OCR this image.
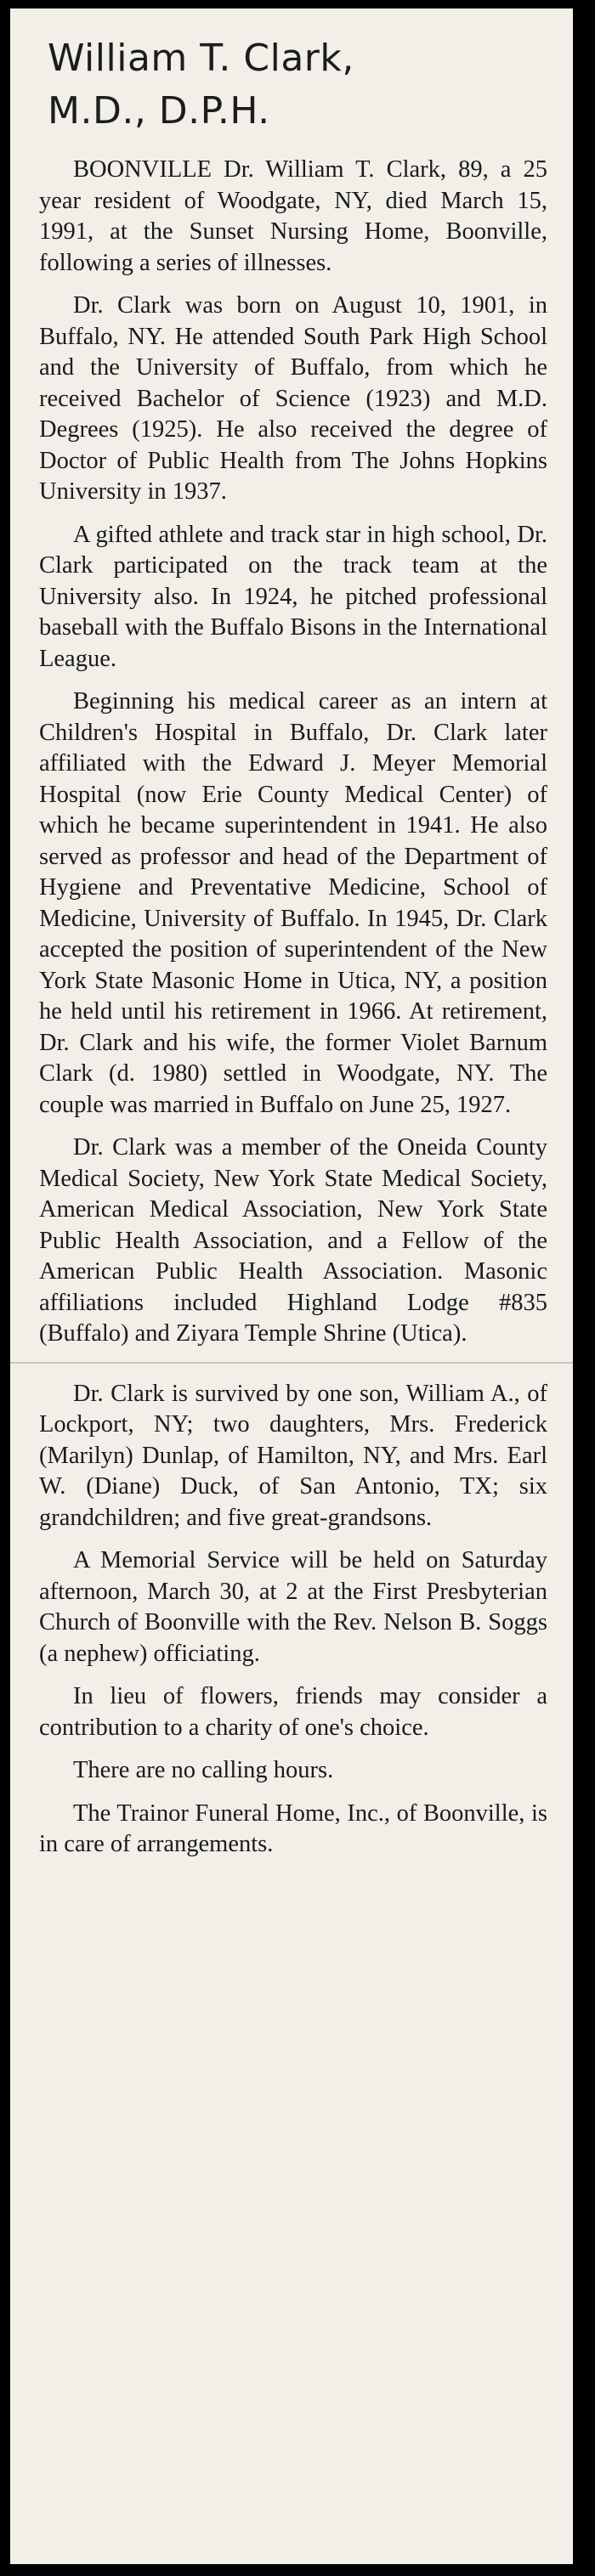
William T. Clark,
M.D., D.P.H.

BOONVILLE Dr. William T. Clark, 89, a 25 year resident of Woodgate, NY, died March 15, 1991, at the Sunset Nursing Home, Boonville, following a series of illnesses.

Dr. Clark was born on August 10, 1901, in Buffalo, NY. He attended South Park High School and the University of Buffalo, from which he received Bachelor of Science (1923) and M.D. Degrees (1925). He also received the degree of Doctor of Public Health from The Johns Hopkins University in 1937.

A gifted athlete and track star in high school, Dr. Clark participated on the track team at the University also. In 1924, he pitched professional baseball with the Buffalo Bisons in the International League.

Beginning his medical career as an intern at Children's Hospital in Buffalo, Dr. Clark later affiliated with the Edward J. Meyer Memorial Hospital (now Erie County Medical Center) of which he became superintendent in 1941. He also served as professor and head of the Department of Hygiene and Preventative Medicine, School of Medicine, University of Buffalo. In 1945, Dr. Clark accepted the position of superintendent of the New York State Masonic Home in Utica, NY, a position he held until his retirement in 1966. At retirement, Dr. Clark and his wife, the former Violet Barnum Clark (d. 1980) settled in Woodgate, NY. The couple was married in Buffalo on June 25, 1927.

Dr. Clark was a member of the Oneida County Medical Society, New York State Medical Society, American Medical Association, New York State Public Health Association, and a Fellow of the American Public Health Association. Masonic affiliations included Highland Lodge #835 (Buffalo) and Ziyara Temple Shrine (Utica).

Dr. Clark is survived by one son, William A., of Lockport, NY; two daughters, Mrs. Frederick (Marilyn) Dunlap, of Hamilton, NY, and Mrs. Earl W. (Diane) Duck, of San Antonio, TX; six grandchildren; and five great-grandsons.

A Memorial Service will be held on Saturday afternoon, March 30, at 2 at the First Presbyterian Church of Boonville with the Rev. Nelson B. Soggs (a nephew) officiating.

In lieu of flowers, friends may consider a contribution to a charity of one's choice.

There are no calling hours.

The Trainor Funeral Home, Inc., of Boonville, is in care of arrangements.
